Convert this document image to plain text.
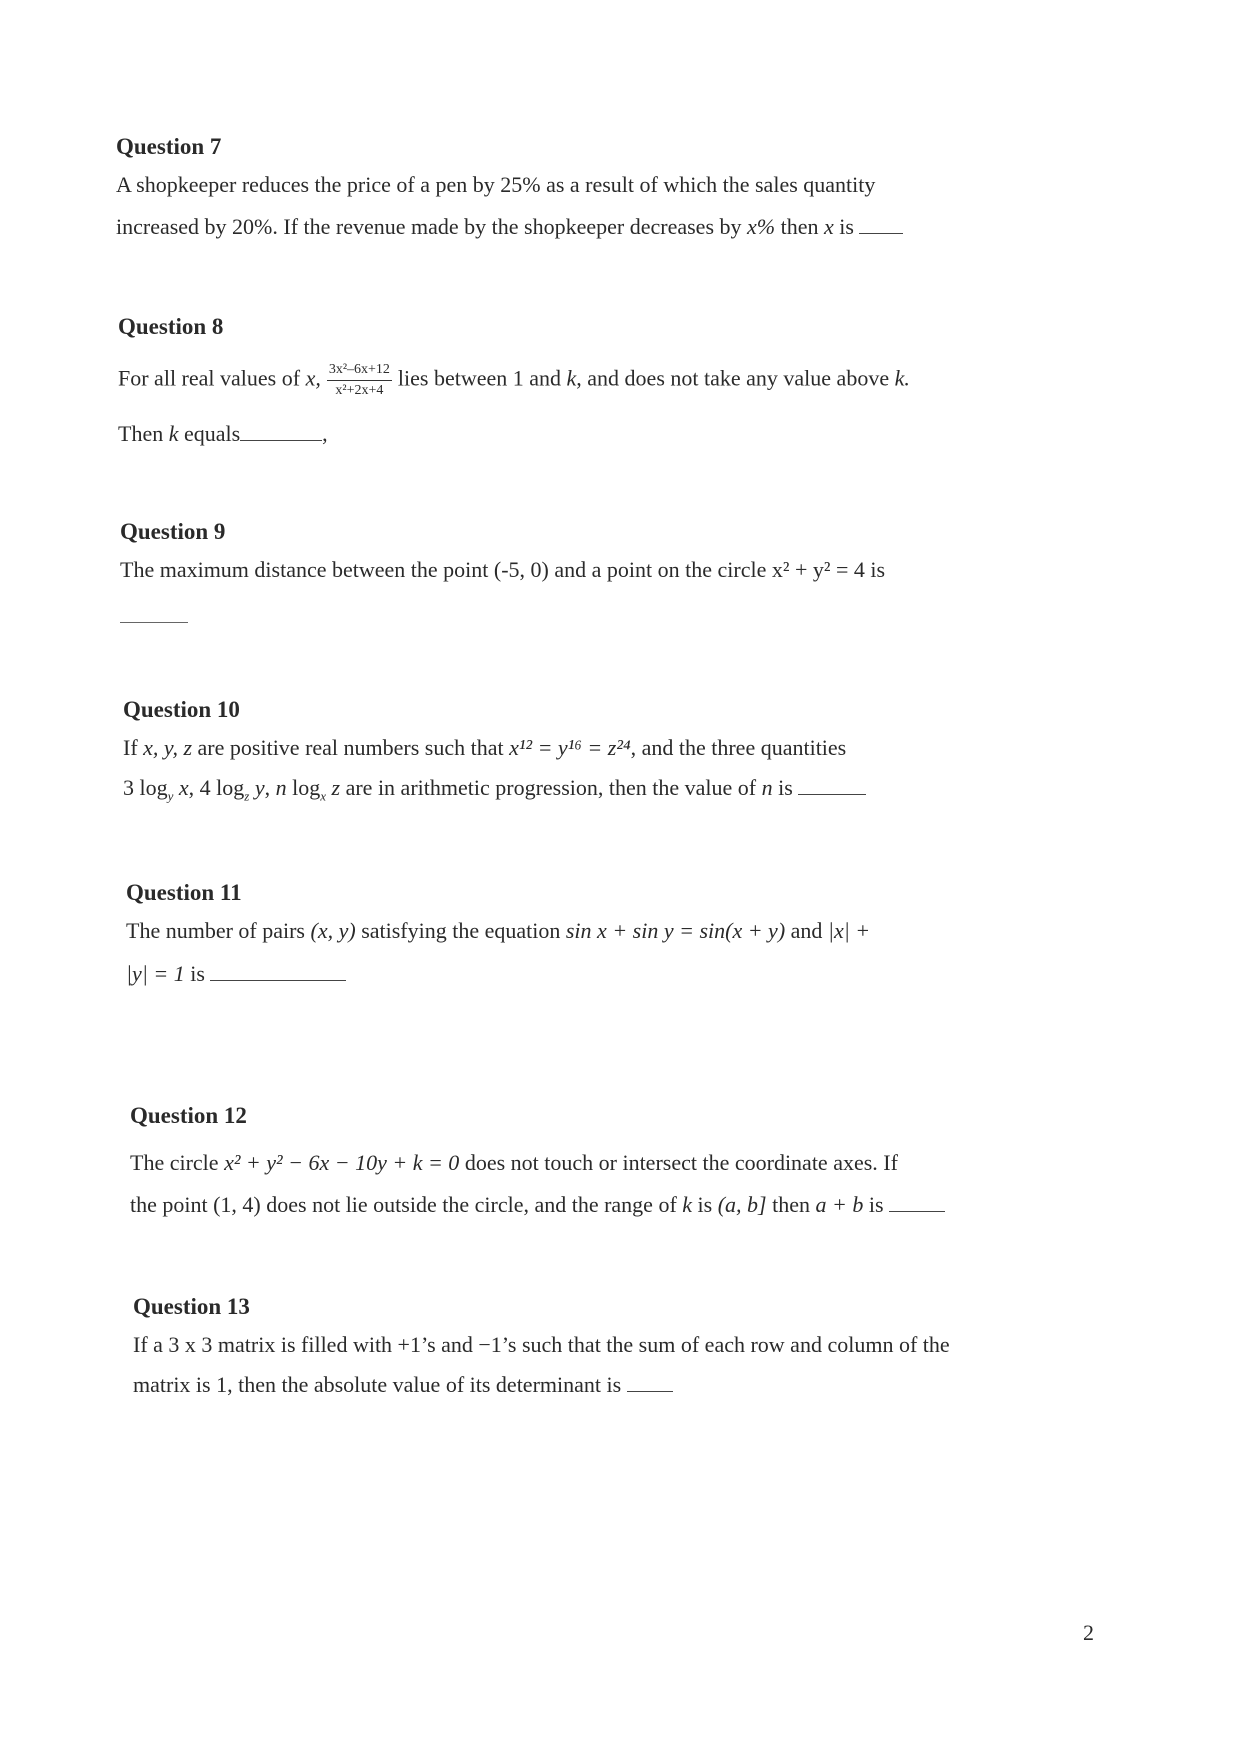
Question 7
A shopkeeper reduces the price of a pen by 25% as a result of which the sales quantity
increased by 20%. If the revenue made by the shopkeeper decreases by x% then x is
Question 8
For all real values of x, $\frac{\text{3x²–6x+12}}{\text{x²+2x+4}}$ lies between 1 and k, and does not take any value above k.
Then k equals	,
Question 9
The maximum distance between the point (-5, 0) and a point on the circle x² + y² = 4 is
Question 10
If x, y, z are positive real numbers such that x¹² = y¹⁶ = z²⁴, and the three quantities
3 $\log_y x$, 4 $\log_z y$, n $\log_x z$ are in arithmetic progression, then the value of n is
Question 11
The number of pairs (x, y) satisfying the equation sin x + sin y = sin(x + y) and |x| +
|y| = 1 is
Question 12
The circle x² + y² − 6x − 10y + k = 0 does not touch or intersect the coordinate axes. If
the point (1, 4) does not lie outside the circle, and the range of k is (a, b] then a + b is
Question 13
If a 3 x 3 matrix is filled with +1’s and −1’s such that the sum of each row and column of the
matrix is 1, then the absolute value of its determinant is
2
